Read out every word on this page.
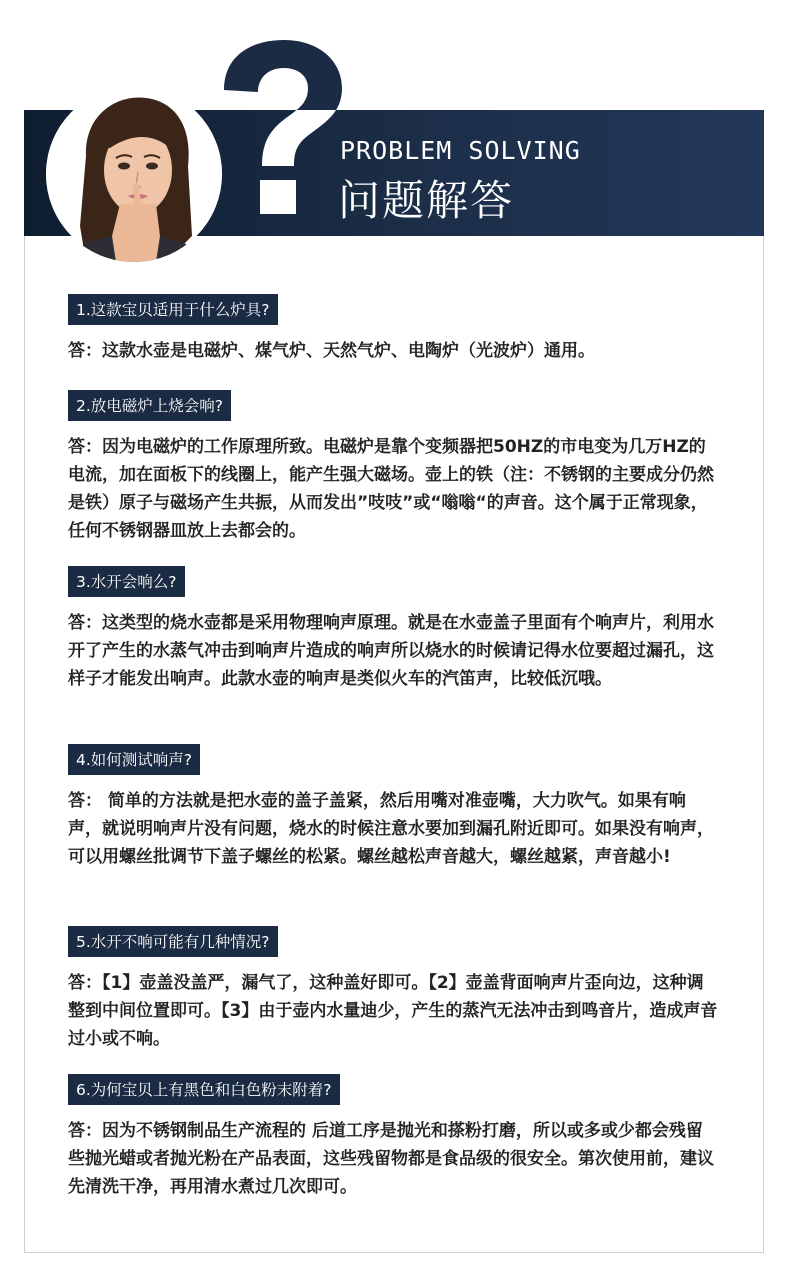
PROBLEM SOLVING
问题解答
1.这款宝贝适用于什么炉具?
答：这款水壶是电磁炉、煤气炉、天然气炉、电陶炉（光波炉）通用。
2.放电磁炉上烧会响?
答：因为电磁炉的工作原理所致。电磁炉是靠个变频器把50HZ的市电变为几万HZ的电流，加在面板下的线圈上，能产生强大磁场。壶上的铁（注：不锈钢的主要成分仍然是铁）原子与磁场产生共振，从而发出”吱吱”或“嗡嗡“的声音。这个属于正常现象，任何不锈钢器皿放上去都会的。
3.水开会响么?
答：这类型的烧水壶都是采用物理响声原理。就是在水壶盖子里面有个响声片，利用水开了产生的水蒸气冲击到响声片造成的响声所以烧水的时候请记得水位要超过漏孔，这样子才能发出响声。此款水壶的响声是类似火车的汽笛声，比较低沉哦。
4.如何测试响声?
答： 简单的方法就是把水壶的盖子盖紧，然后用嘴对准壶嘴，大力吹气。如果有响声，就说明响声片没有问题，烧水的时候注意水要加到漏孔附近即可。如果没有响声，可以用螺丝批调节下盖子螺丝的松紧。螺丝越松声音越大，螺丝越紧，声音越小!
5.水开不响可能有几种情况?
答：【1】壶盖没盖严，漏气了，这种盖好即可。【2】壶盖背面响声片歪向边，这种调整到中间位置即可。【3】由于壶内水量迪少，产生的蒸汽无法冲击到鸣音片，造成声音过小或不响。
6.为何宝贝上有黑色和白色粉末附着?
答：因为不锈钢制品生产流程的 后道工序是抛光和搽粉打磨，所以或多或少都会残留些抛光蜡或者抛光粉在产品表面，这些残留物都是食品级的很安全。第次使用前，建议先清洗干净，再用清水煮过几次即可。
